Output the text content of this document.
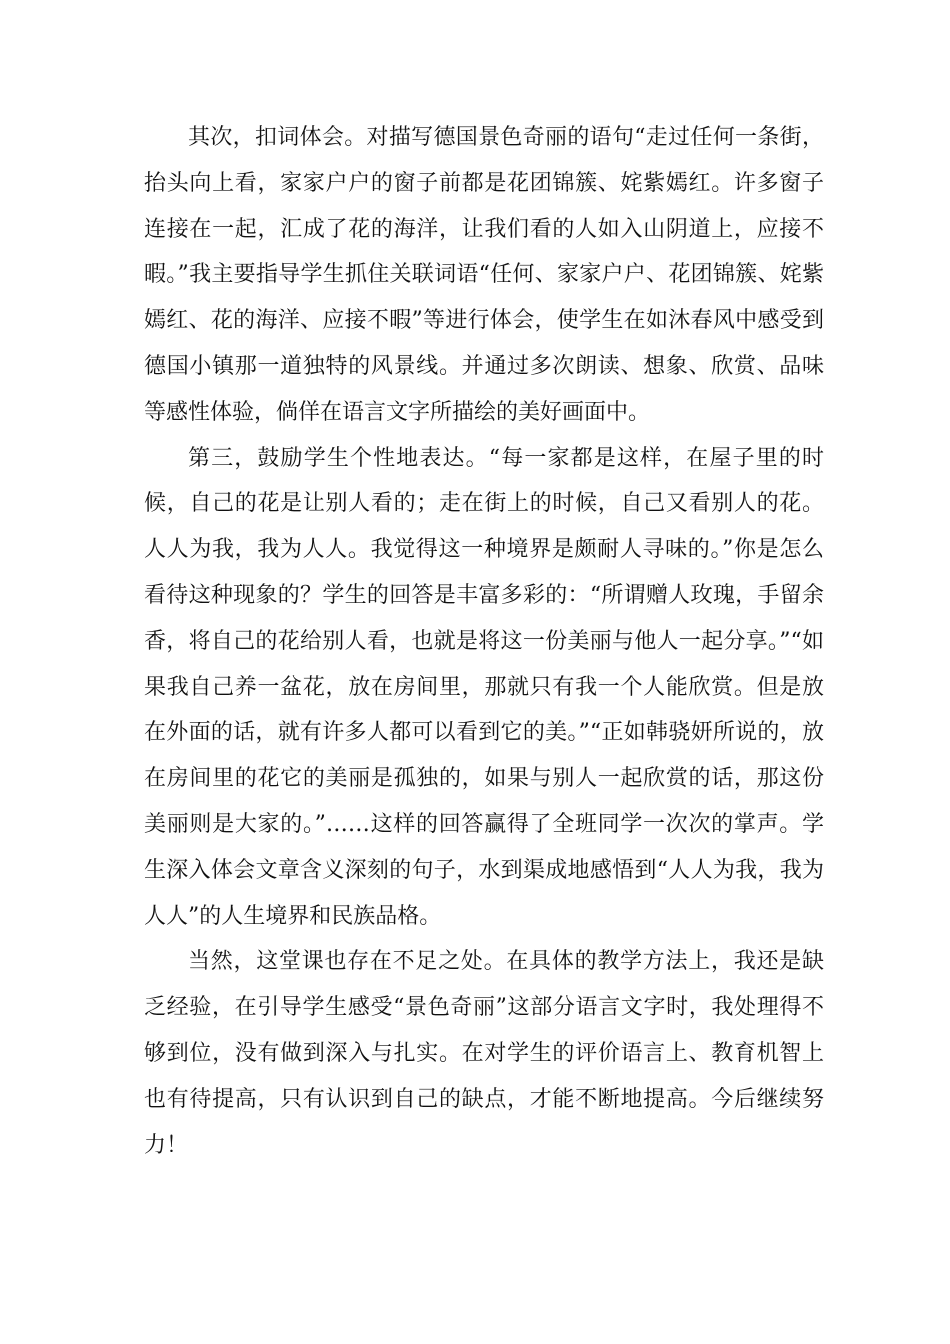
其次，扣词体会。对描写德国景色奇丽的语句“走过任何一条街，抬头向上看，家家户户的窗子前都是花团锦簇、姹紫嫣红。许多窗子连接在一起，汇成了花的海洋，让我们看的人如入山阴道上，应接不暇。”我主要指导学生抓住关联词语“任何、家家户户、花团锦簇、姹紫嫣红、花的海洋、应接不暇”等进行体会，使学生在如沐春风中感受到德国小镇那一道独特的风景线。并通过多次朗读、想象、欣赏、品味等感性体验，倘佯在语言文字所描绘的美好画面中。

第三，鼓励学生个性地表达。“每一家都是这样，在屋子里的时候，自己的花是让别人看的；走在街上的时候，自己又看别人的花。人人为我，我为人人。我觉得这一种境界是颇耐人寻味的。”你是怎么看待这种现象的？学生的回答是丰富多彩的：“所谓赠人玫瑰，手留余香，将自己的花给别人看，也就是将这一份美丽与他人一起分享。”“如果我自己养一盆花，放在房间里，那就只有我一个人能欣赏。但是放在外面的话，就有许多人都可以看到它的美。”“正如韩骁妍所说的，放在房间里的花它的美丽是孤独的，如果与别人一起欣赏的话，那这份美丽则是大家的。”……这样的回答赢得了全班同学一次次的掌声。学生深入体会文章含义深刻的句子，水到渠成地感悟到“人人为我，我为人人”的人生境界和民族品格。

当然，这堂课也存在不足之处。在具体的教学方法上，我还是缺乏经验，在引导学生感受“景色奇丽”这部分语言文字时，我处理得不够到位，没有做到深入与扎实。在对学生的评价语言上、教育机智上也有待提高，只有认识到自己的缺点，才能不断地提高。今后继续努力！
